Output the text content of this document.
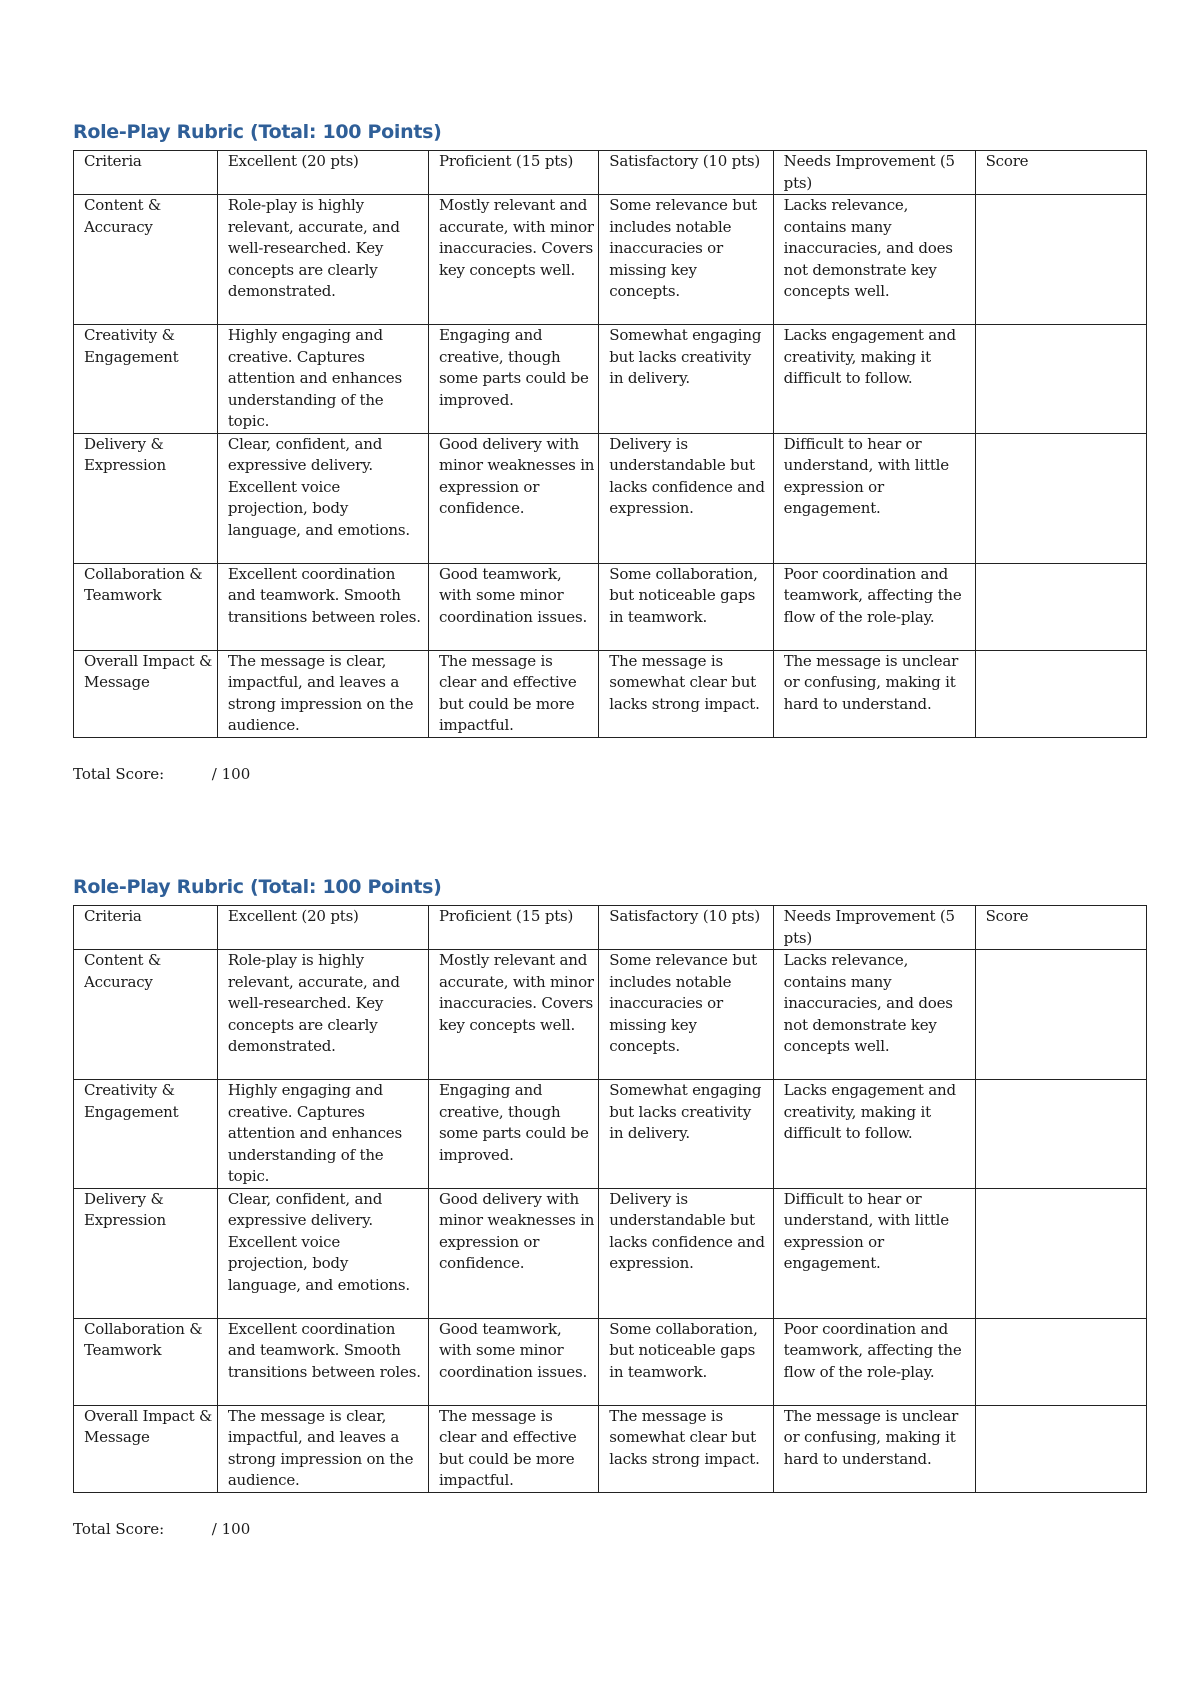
Role-Play Rubric (Total: 100 Points)
Criteria	Excellent (20 pts)	Proficient (15 pts)	Satisfactory (10 pts)	Needs Improvement (5 pts)	Score

Content & Accuracy	Role-play is highly relevant, accurate, and well-researched. Key concepts are clearly demonstrated.	Mostly relevant and accurate, with minor inaccuracies. Covers key concepts well.	Some relevance but includes notable inaccuracies or missing key concepts.	Lacks relevance, contains many inaccuracies, and does not demonstrate key concepts well.	

Creativity & Engagement	Highly engaging and creative. Captures attention and enhances understanding of the topic.	Engaging and creative, though some parts could be improved.	Somewhat engaging but lacks creativity in delivery.	Lacks engagement and creativity, making it difficult to follow.	

Delivery & Expression	Clear, confident, and expressive delivery. Excellent voice projection, body language, and emotions.	Good delivery with minor weaknesses in expression or confidence.	Delivery is understandable but lacks confidence and expression.	Difficult to hear or understand, with little expression or engagement.	

Collaboration & Teamwork	Excellent coordination and teamwork. Smooth transitions between roles.	Good teamwork, with some minor coordination issues.	Some collaboration, but noticeable gaps in teamwork.	Poor coordination and teamwork, affecting the flow of the role-play.	

Overall Impact & Message	The message is clear, impactful, and leaves a strong impression on the audience.	The message is clear and effective but could be more impactful.	The message is somewhat clear but lacks strong impact.	The message is unclear or confusing, making it hard to understand.	

Total Score:	/ 100
Role-Play Rubric (Total: 100 Points)
Criteria	Excellent (20 pts)	Proficient (15 pts)	Satisfactory (10 pts)	Needs Improvement (5 pts)	Score

Content & Accuracy	Role-play is highly relevant, accurate, and well-researched. Key concepts are clearly demonstrated.	Mostly relevant and accurate, with minor inaccuracies. Covers key concepts well.	Some relevance but includes notable inaccuracies or missing key concepts.	Lacks relevance, contains many inaccuracies, and does not demonstrate key concepts well.	

Creativity & Engagement	Highly engaging and creative. Captures attention and enhances understanding of the topic.	Engaging and creative, though some parts could be improved.	Somewhat engaging but lacks creativity in delivery.	Lacks engagement and creativity, making it difficult to follow.	

Delivery & Expression	Clear, confident, and expressive delivery. Excellent voice projection, body language, and emotions.	Good delivery with minor weaknesses in expression or confidence.	Delivery is understandable but lacks confidence and expression.	Difficult to hear or understand, with little expression or engagement.	

Collaboration & Teamwork	Excellent coordination and teamwork. Smooth transitions between roles.	Good teamwork, with some minor coordination issues.	Some collaboration, but noticeable gaps in teamwork.	Poor coordination and teamwork, affecting the flow of the role-play.	

Overall Impact & Message	The message is clear, impactful, and leaves a strong impression on the audience.	The message is clear and effective but could be more impactful.	The message is somewhat clear but lacks strong impact.	The message is unclear or confusing, making it hard to understand.	

Total Score:	/ 100
